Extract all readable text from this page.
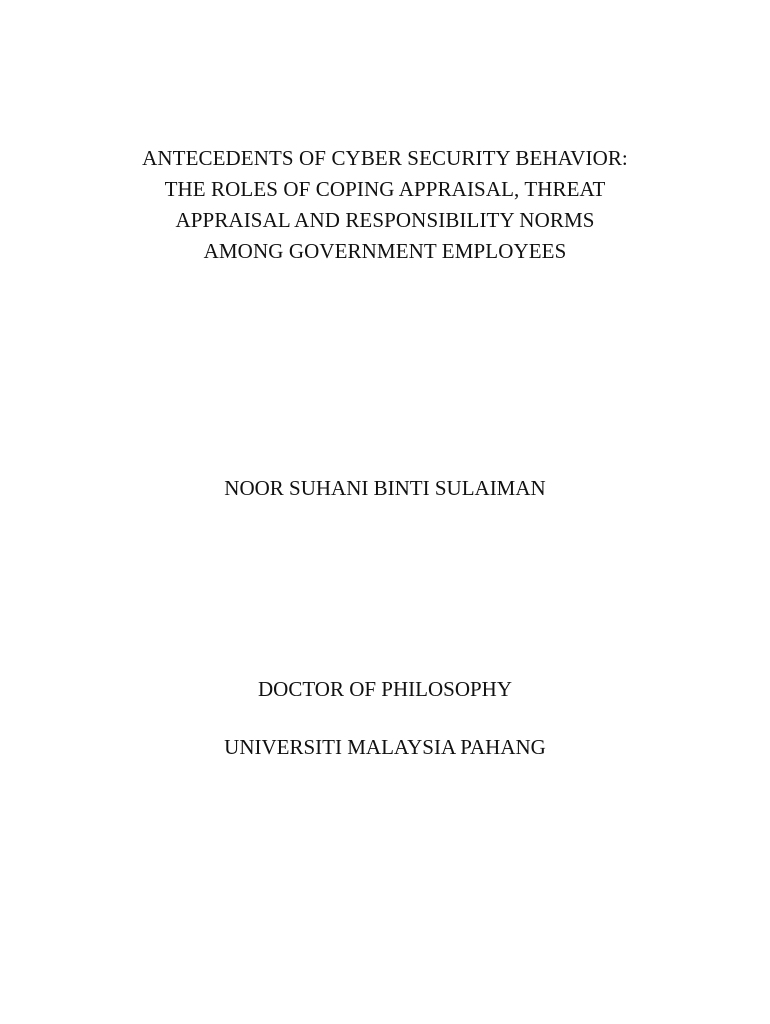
ANTECEDENTS OF CYBER SECURITY BEHAVIOR:
THE ROLES OF COPING APPRAISAL, THREAT
APPRAISAL AND RESPONSIBILITY NORMS
AMONG GOVERNMENT EMPLOYEES
NOOR SUHANI BINTI SULAIMAN
DOCTOR OF PHILOSOPHY
UNIVERSITI MALAYSIA PAHANG
